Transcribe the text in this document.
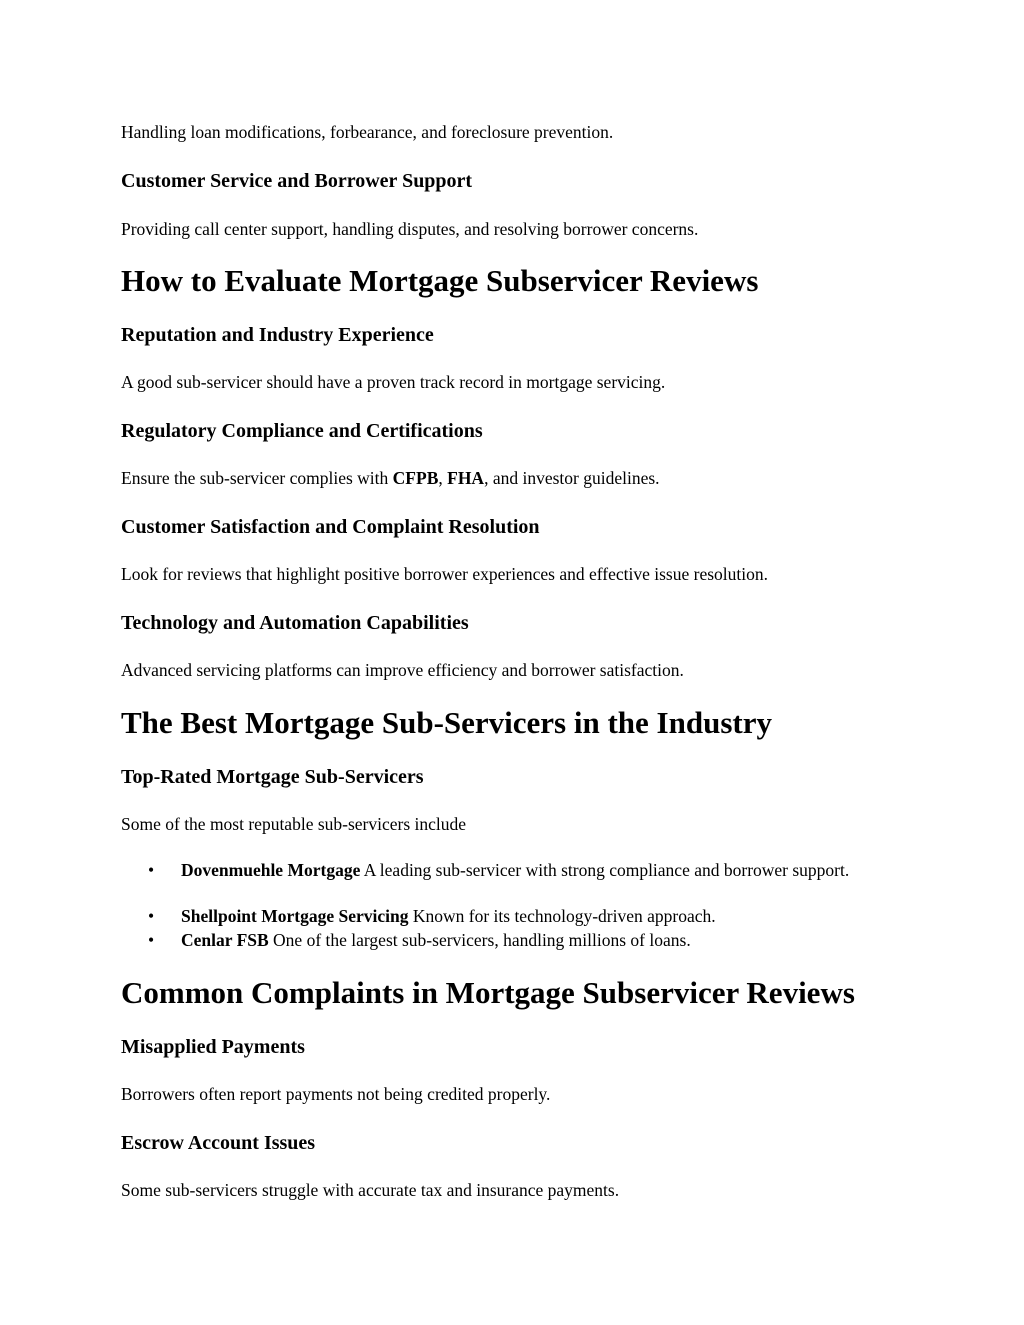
Handling loan modifications, forbearance, and foreclosure prevention.

Customer Service and Borrower Support

Providing call center support, handling disputes, and resolving borrower concerns.

How to Evaluate Mortgage Subservicer Reviews
Reputation and Industry Experience

A good sub-servicer should have a proven track record in mortgage servicing.

Regulatory Compliance and Certifications

Ensure the sub-servicer complies with CFPB, FHA, and investor guidelines.

Customer Satisfaction and Complaint Resolution

Look for reviews that highlight positive borrower experiences and effective issue resolution.

Technology and Automation Capabilities

Advanced servicing platforms can improve efficiency and borrower satisfaction.

The Best Mortgage Sub-Servicers in the Industry
Top-Rated Mortgage Sub-Servicers

Some of the most reputable sub-servicers include

• Dovenmuehle Mortgage A leading sub-servicer with strong compliance and borrower support.
• Shellpoint Mortgage Servicing Known for its technology-driven approach.
• Cenlar FSB One of the largest sub-servicers, handling millions of loans.
Common Complaints in Mortgage Subservicer Reviews
Misapplied Payments

Borrowers often report payments not being credited properly.

Escrow Account Issues

Some sub-servicers struggle with accurate tax and insurance payments.
